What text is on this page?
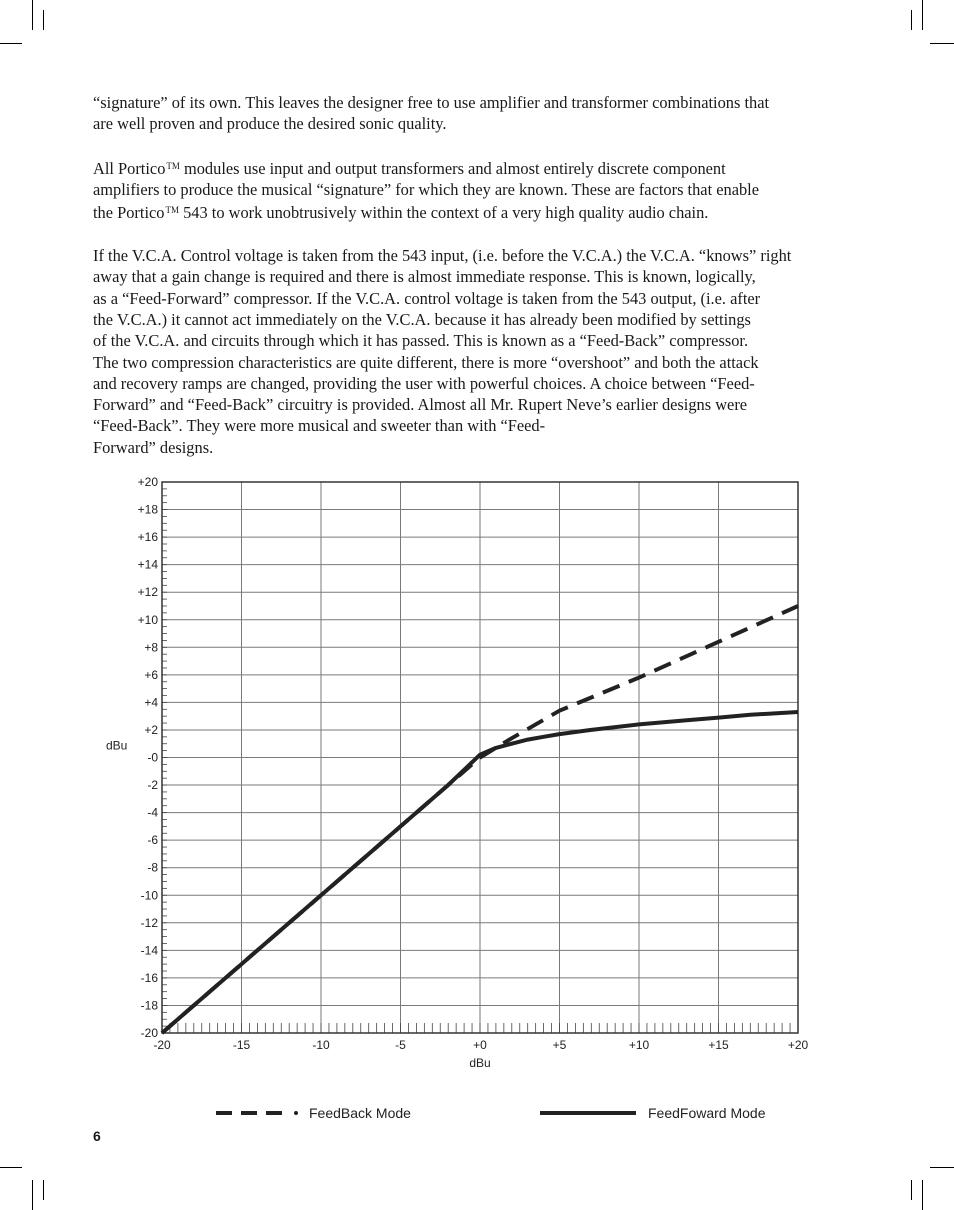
“signature” of its own. This leaves the designer free to use amplifier and transformer combinations that
are well proven and produce the desired sonic quality.

All Portico™ modules use input and output transformers and almost entirely discrete component
amplifiers to produce the musical “signature” for which they are known. These are factors that enable
the Portico™ 543 to work unobtrusively within the context of a very high quality audio chain.

If the V.C.A. Control voltage is taken from the 543 input, (i.e. before the V.C.A.) the V.C.A. “knows” right
away that a gain change is required and there is almost immediate response. This is known, logically,
as a “Feed-Forward” compressor. If the V.C.A. control voltage is taken from the 543 output, (i.e. after
the V.C.A.) it cannot act immediately on the V.C.A. because it has already been modified by settings
of the V.C.A. and circuits through which it has passed. This is known as a “Feed-Back” compressor.
The two compression characteristics are quite different, there is more “overshoot” and both the attack
and recovery ramps are changed, providing the user with powerful choices. A choice between “Feed-
Forward” and “Feed-Back” circuitry is provided. Almost all Mr. Rupert Neve’s earlier designs were
“Feed-Back”. They were more musical and sweeter than with “Feed-
Forward” designs.

-20
-18
-16
-14
-12
-10
-8
-6
-4
-2
-0
+2
+4
+6
+8
+10
+12
+14
+16
+18
+20
-20	-15	-10	-5	+0	+5	+10	+15	+20
dBu
dBu
FeedBack Mode	FeedFoward Mode
6
